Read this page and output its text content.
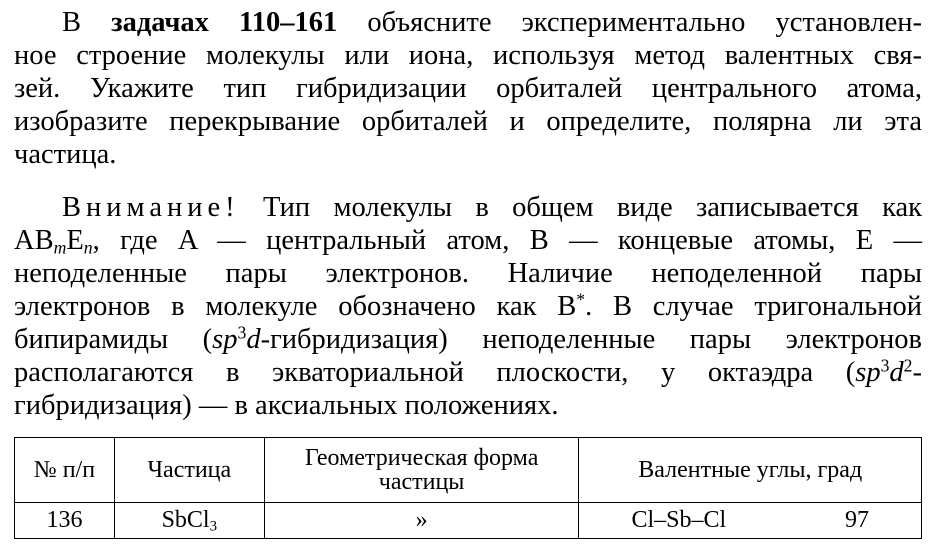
В задачах 110–161 объясните экспериментально установлен-
ное строение молекулы или иона, используя метод валентных свя-
зей. Укажите тип гибридизации орбиталей центрального атома,
изобразите перекрывание орбиталей и определите, полярна ли эта
частица.
Внимание! Тип молекулы в общем виде записывается как
$AB_mE_n$, где A — центральный атом, B — концевые атомы, E —
неподеленные пары электронов. Наличие неподеленной пары
электронов в молекуле обозначено как B*. В случае тригональной
бипирамиды $(sp^3d-гибридизация)$ неподеленные пары электронов
располагаются в экваториальной плоскости, у октаэдра ($sp^3d^2-$
гибридизация) — в аксиальных положениях.
№ п/п	Частица	Геометрическая форма
частицы	Валентные углы, град
136	SbCl$_3$	»	Cl–Sb–Cl 97
